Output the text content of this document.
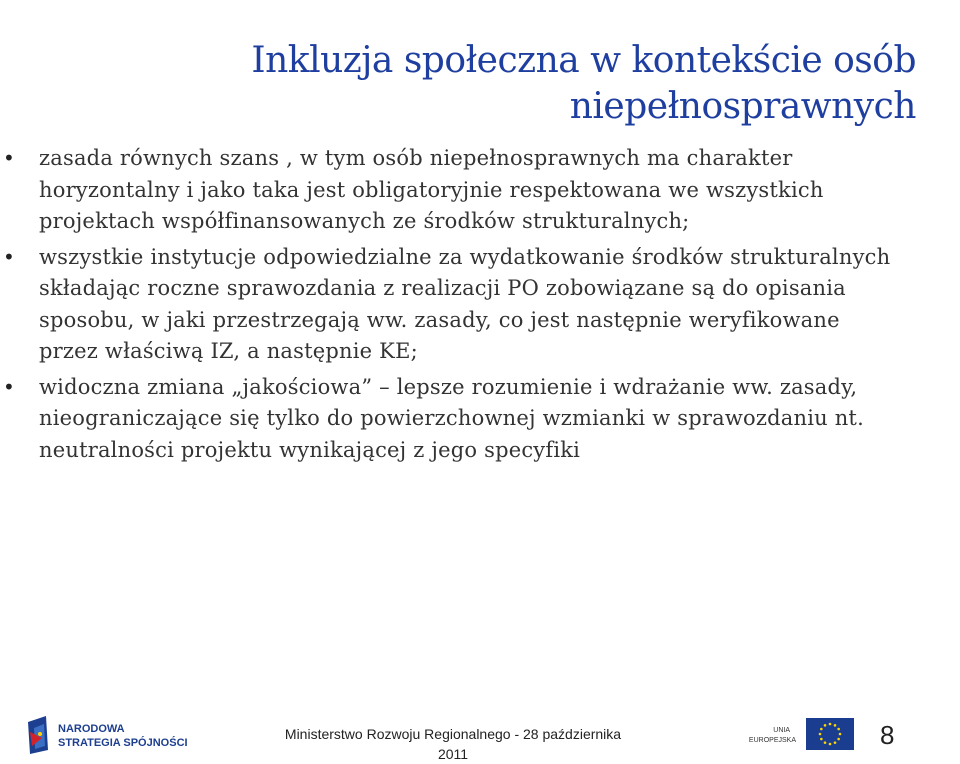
Inkluzja społeczna w kontekście osób
niepełnosprawnych
• zasada równych szans , w tym osób niepełnosprawnych ma charakter horyzontalny i jako taka jest obligatoryjnie respektowana we wszystkich projektach współfinansowanych ze środków strukturalnych;
• wszystkie instytucje odpowiedzialne za wydatkowanie środków strukturalnych składając roczne sprawozdania z realizacji PO zobowiązane są do opisania sposobu, w jaki przestrzegają ww. zasady, co jest następnie weryfikowane przez właściwą IZ, a następnie KE;
• widoczna zmiana „jakościowa” – lepsze rozumienie i wdrażanie ww. zasady, nieograniczające się tylko do powierzchownej wzmianki w sprawozdaniu nt. neutralności projektu wynikającej z jego specyfiki
NARODOWA
STRATEGIA SPÓJNOŚCI
Ministerstwo Rozwoju Regionalnego - 28 października 2011
UNIA
EUROPEJSKA	8
